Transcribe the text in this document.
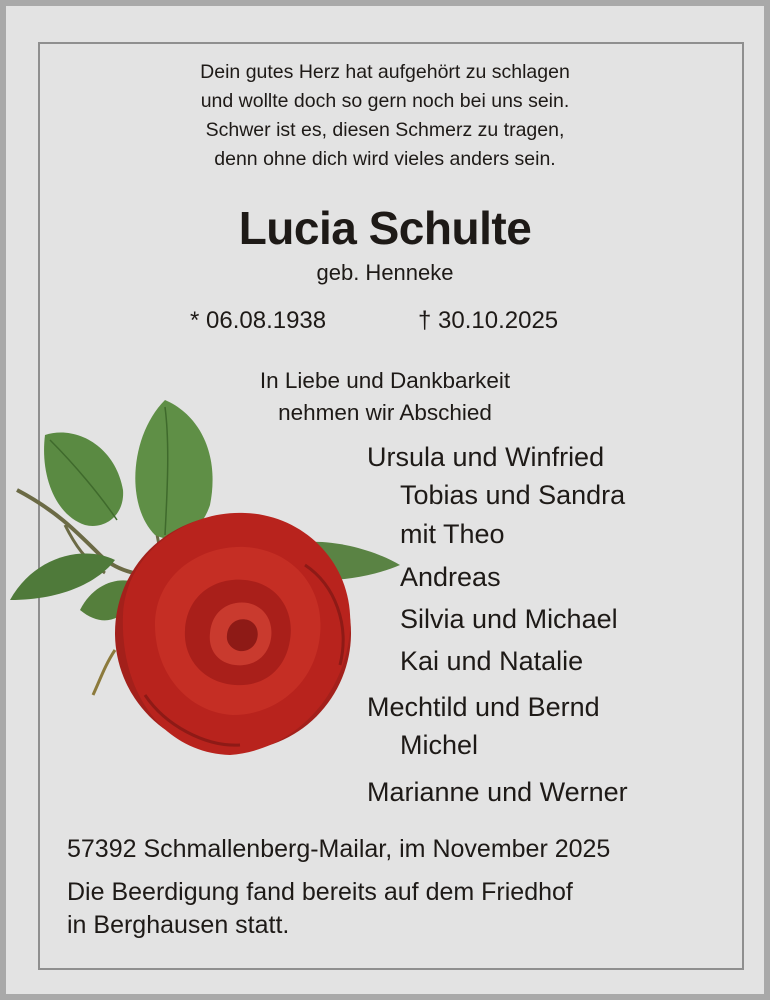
Dein gutes Herz hat aufgehört zu schlagen
und wollte doch so gern noch bei uns sein.
Schwer ist es, diesen Schmerz zu tragen,
denn ohne dich wird vieles anders sein.
Lucia Schulte
geb. Henneke
* 06.08.1938	† 30.10.2025
In Liebe und Dankbarkeit
nehmen wir Abschied
Ursula und Winfried
Tobias und Sandra
mit Theo
Andreas
Silvia und Michael
Kai und Natalie
Mechtild und Bernd
Michel
Marianne und Werner
57392 Schmallenberg-Mailar, im November 2025
Die Beerdigung fand bereits auf dem Friedhof
in Berghausen statt.
